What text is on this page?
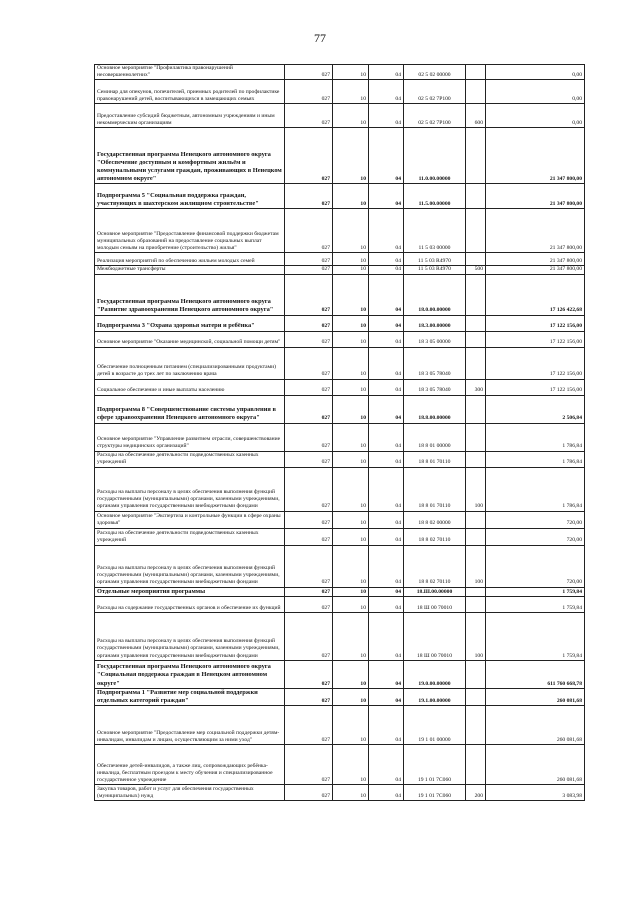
77
Основное мероприятие "Профилактика правонарушений несовершеннолетних"	027	10	04	02 5 02 00000		0,00
Семинар для опекунов, попечителей, приемных родителей по профилактике правонарушений детей, воспитывающихся в замещающих семьях	027	10	04	02 5 02 7Р100		0,00
Предоставление субсидий бюджетным, автономным учреждениям и иным некоммерческим организациям	027	10	04	02 5 02 7Р100	600	0,00
Государственная программа Ненецкого автономного округа "Обеспечение доступным и комфортным жильём и коммунальными услугами граждан, проживающих в Ненецком автономном округе"	027	10	04	11.0.00.00000		21 347 800,00
Подпрограмма 5 "Социальная поддержка граждан, участвующих в шахтерском жилищном строительстве"	027	10	04	11.5.00.00000		21 347 800,00
Основное мероприятие "Предоставление финансовой поддержки бюджетам муниципальных образований на предоставление социальных выплат молодым семьям на приобретение (строительство) жилья"	027	10	04	11 5 03 00000		21 347 800,00
Реализация мероприятий по обеспечению жильем молодых семей	027	10	04	11 5 03 R4970		21 347 800,00
Межбюджетные трансферты	027	10	04	11 5 03 R4970	500	21 347 800,00
Государственная программа Ненецкого автономного округа "Развитие здравоохранения Ненецкого автономного округа"	027	10	04	18.0.00.00000		17 126 422,68
Подпрограмма 3 "Охрана здоровья матери и ребёнка"	027	10	04	18.3.00.00000		17 122 156,00
Основное мероприятие "Оказание медицинской, социальной помощи детям"	027	10	04	18 3 05 00000		17 122 156,00
Обеспечение полноценным питанием (специализированными продуктами) детей в возрасте до трех лет по заключению врача	027	10	04	18 3 05 78040		17 122 156,00
Социальное обеспечение и иные выплаты населению	027	10	04	18 3 05 78040	300	17 122 156,00
Подпрограмма 8 "Совершенствование системы управления в сфере здравоохранения Ненецкого автономного округа"	027	10	04	18.8.00.00000		2 506,84
Основное мероприятие "Управление развитием отрасли, совершенствование структуры медицинских организаций"	027	10	04	18 8 01 00000		1 786,84
Расходы на обеспечение деятельности подведомственных казенных учреждений	027	10	04	18 8 01 70110		1 786,84
Расходы на выплаты персоналу в целях обеспечения выполнения функций государственными (муниципальными) органами, казенными учреждениями, органами управления государственными внебюджетными фондами	027	10	04	18 8 01 70110	100	1 786,84
Основное мероприятие "Экспертиза и контрольные функции в сфере охраны здоровья"	027	10	04	18 8 02 00000		720,00
Расходы на обеспечение деятельности подведомственных казенных учреждений	027	10	04	18 8 02 70110		720,00
Расходы на выплаты персоналу в целях обеспечения выполнения функций государственными (муниципальными) органами, казенными учреждениями, органами управления государственными внебюджетными фондами	027	10	04	18 8 02 70110	100	720,00
Отдельные мероприятия программы	027	10	04	18.Ш.00.00000		1 759,84
Расходы на содержание государственных органов и обеспечение их функций	027	10	04	18 Ш 00 70010		1 759,84
Расходы на выплаты персоналу в целях обеспечения выполнения функций государственными (муниципальными) органами, казенными учреждениями, органами управления государственными внебюджетными фондами	027	10	04	18 Ш 00 70010	100	1 759,84
Государственная программа Ненецкого автономного округа "Социальная поддержка граждан в Ненецком автономном округе"	027	10	04	19.0.00.00000		611 760 668,78
Подпрограмма 1 "Развитие мер социальной поддержки отдельных категорий граждан"	027	10	04	19.1.00.00000		260 081,68
Основное мероприятие "Предоставление мер социальной поддержки детям-инвалидам, инвалидам и лицам, осуществляющим за ними уход"	027	10	04	19 1 01 00000		260 081,68
Обеспечение детей-инвалидов, а также лиц, сопровождающих ребёнка-инвалида, бесплатным проездом к месту обучения и специализированное государственное учреждение	027	10	04	19 1 01 7С060		260 081,68
Закупка товаров, работ и услуг для обеспечения государственных (муниципальных) нужд	027	10	04	19 1 01 7С060	200	3 083,98
